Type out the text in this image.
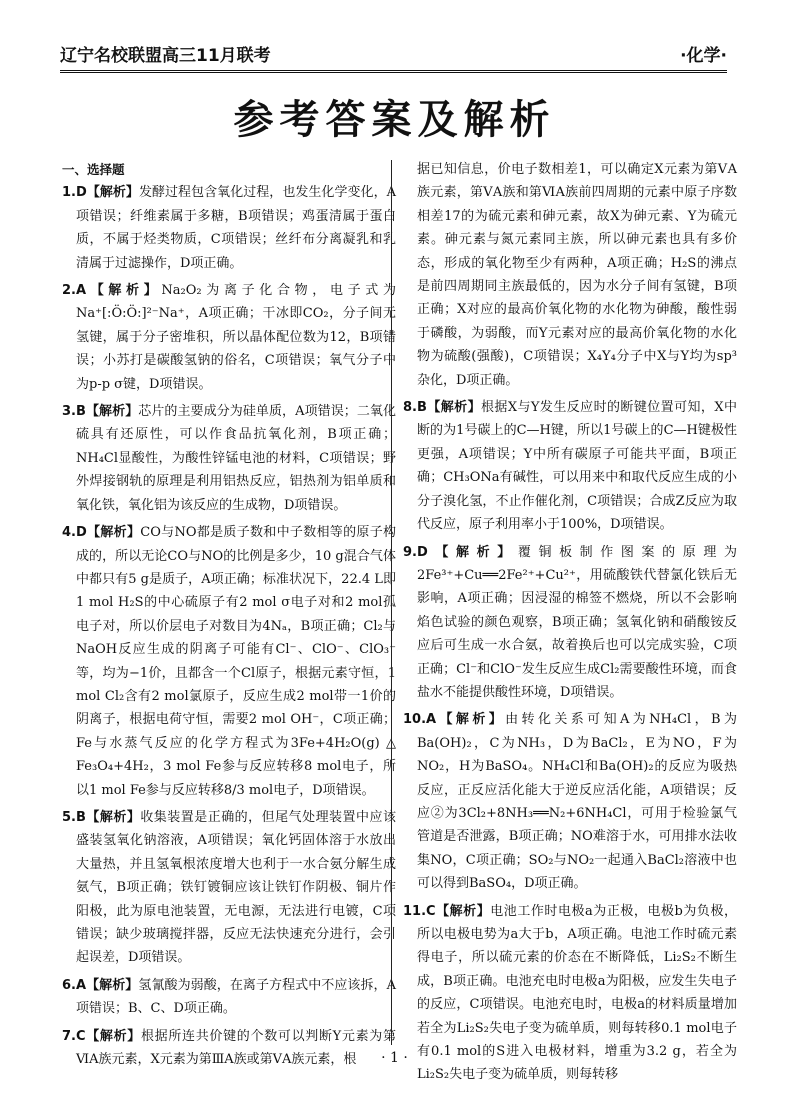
辽宁名校联盟高三11月联考	·化学·
参考答案及解析

一、选择题

1.D【解析】发酵过程包含氧化过程，也发生化学变化，A项错误；纤维素属于多糖，B项错误；鸡蛋清属于蛋白质，不属于烃类物质，C项错误；丝纤布分离凝乳和乳清属于过滤操作，D项正确。

2.A【解析】Na₂O₂为离子化合物，电子式为 Na⁺[:Ö:Ö:]²⁻Na⁺，A项正确；干冰即CO₂，分子间无氢键，属于分子密堆积，所以晶体配位数为12，B项错误；小苏打是碳酸氢钠的俗名，C项错误；氧气分子中为p-p σ键，D项错误。

3.B【解析】芯片的主要成分为硅单质，A项错误；二氧化硫具有还原性，可以作食品抗氧化剂，B项正确；NH₄Cl显酸性，为酸性锌锰电池的材料，C项错误；野外焊接钢轨的原理是利用铝热反应，铝热剂为铝单质和氧化铁，氧化铝为该反应的生成物，D项错误。

4.D【解析】CO与NO都是质子数和中子数相等的原子构成的，所以无论CO与NO的比例是多少，10 g混合气体中都只有5 g是质子，A项正确；标准状况下，22.4 L即1 mol H₂S的中心硫原子有2 mol σ电子对和2 mol孤电子对，所以价层电子对数目为4Nₐ，B项正确；Cl₂与NaOH反应生成的阴离子可能有Cl⁻、ClO⁻、ClO₃⁻等，均为−1价，且都含一个Cl原子，根据元素守恒，1 mol Cl₂含有2 mol氯原子，反应生成2 mol带一1价的阴离子，根据电荷守恒，需要2 mol OH⁻，C项正确；Fe与水蒸气反应的化学方程式为3Fe+4H₂O(g) △ Fe₃O₄+4H₂，3 mol Fe参与反应转移8 mol电子，所以1 mol Fe参与反应转移8/3 mol电子，D项错误。

5.B【解析】收集装置是正确的，但尾气处理装置中应该盛装氢氧化钠溶液，A项错误；氧化钙固体溶于水放出大量热，并且氢氧根浓度增大也利于一水合氨分解生成氨气，B项正确；铁钉镀铜应该让铁钉作阴极、铜片作阳极，此为原电池装置，无电源，无法进行电镀，C项错误；缺少玻璃搅拌器，反应无法快速充分进行，会引起误差，D项错误。

6.A【解析】氢氰酸为弱酸，在离子方程式中不应该拆，A项错误；B、C、D项正确。

7.C【解析】根据所连共价键的个数可以判断Y元素为第ⅥA族元素，X元素为第ⅢA族或第ⅤA族元素，根

据已知信息，价电子数相差1，可以确定X元素为第ⅤA族元素，第ⅤA族和第ⅥA族前四周期的元素中原子序数相差17的为硫元素和砷元素，故X为砷元素、Y为硫元素。砷元素与氮元素同主族，所以砷元素也具有多价态，形成的氧化物至少有两种，A项正确；H₂S的沸点是前四周期同主族最低的，因为水分子间有氢键，B项正确；X对应的最高价氧化物的水化物为砷酸，酸性弱于磷酸，为弱酸，而Y元素对应的最高价氧化物的水化物为硫酸(强酸)，C项错误；X₄Y₄分子中X与Y均为sp³杂化，D项正确。

8.B【解析】根据X与Y发生反应时的断键位置可知，X中断的为1号碳上的C—H键，所以1号碳上的C—H键极性更强，A项错误；Y中所有碳原子可能共平面，B项正确；CH₃ONa有碱性，可以用来中和取代反应生成的小分子溴化氢，不止作催化剂，C项错误；合成Z反应为取代反应，原子利用率小于100%，D项错误。

9.D【解析】覆铜板制作图案的原理为2Fe³⁺+Cu══2Fe²⁺+Cu²⁺，用硫酸铁代替氯化铁后无影响，A项正确；因浸湿的棉签不燃烧，所以不会影响焰色试验的颜色观察，B项正确；氢氧化钠和硝酸铵反应后可生成一水合氨，故着换后也可以完成实验，C项正确；Cl⁻和ClO⁻发生反应生成Cl₂需要酸性环境，而食盐水不能提供酸性环境，D项错误。

10.A【解析】由转化关系可知A为NH₄Cl，B为Ba(OH)₂，C为NH₃，D为BaCl₂，E为NO，F为NO₂，H为BaSO₄。NH₄Cl和Ba(OH)₂的反应为吸热反应，正反应活化能大于逆反应活化能，A项错误；反应②为3Cl₂+8NH₃══N₂+6NH₄Cl，可用于检验氯气管道是否泄露，B项正确；NO难溶于水，可用排水法收集NO，C项正确；SO₂与NO₂一起通入BaCl₂溶液中也可以得到BaSO₄，D项正确。

11.C【解析】电池工作时电极a为正极，电极b为负极，所以电极电势为a大于b，A项正确。电池工作时硫元素得电子，所以硫元素的价态在不断降低，Li₂S₂不断生成，B项正确。电池充电时电极a为阳极，应发生失电子的反应，C项错误。电池充电时，电极a的材料质量增加若全为Li₂S₂失电子变为硫单质，则每转移0.1 mol电子有0.1 mol的S进入电极材料，增重为3.2 g，若全为Li₂S₂失电子变为硫单质，则每转移

· 1 ·
